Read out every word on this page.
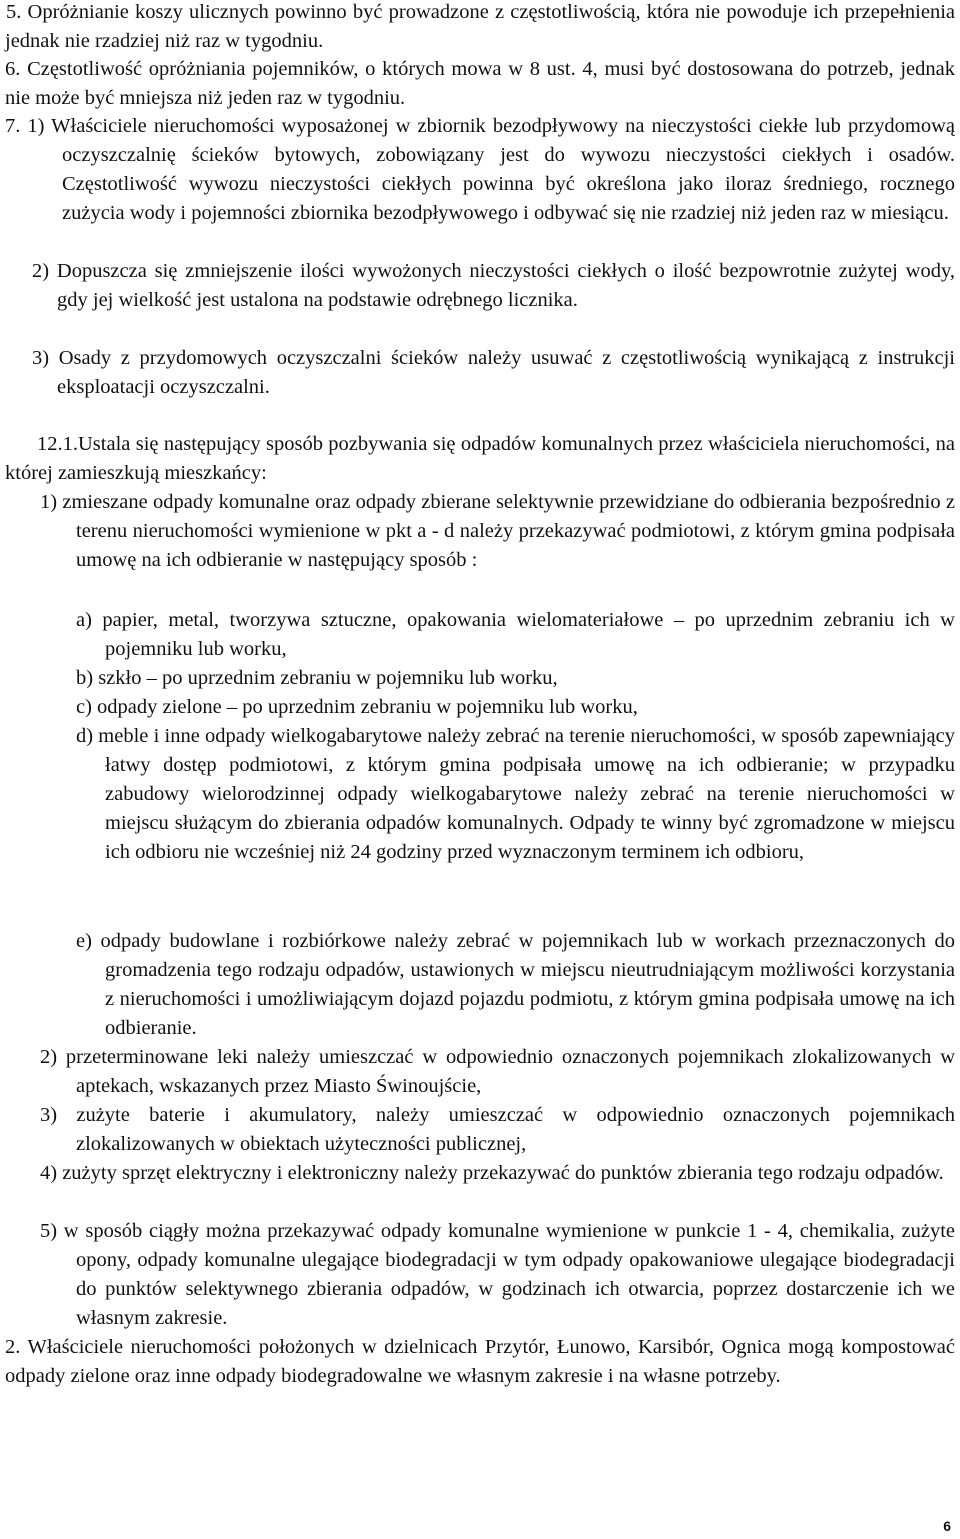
5. Opróżnianie koszy ulicznych powinno być prowadzone z częstotliwością, która nie powoduje ich przepełnienia jednak nie rzadziej niż raz w tygodniu.

6. Częstotliwość opróżniania pojemników, o których mowa w 8 ust. 4, musi być dostosowana do potrzeb, jednak nie może być mniejsza niż jeden raz w tygodniu.

7. 1) Właściciele nieruchomości wyposażonej w zbiornik bezodpływowy na nieczystości ciekłe lub przydomową oczyszczalnię ścieków bytowych, zobowiązany jest do wywozu nieczystości ciekłych i osadów. Częstotliwość wywozu nieczystości ciekłych powinna być określona jako iloraz średniego, rocznego zużycia wody i pojemności zbiornika bezodpływowego i odbywać się nie rzadziej niż jeden raz w miesiącu.

2) Dopuszcza się zmniejszenie ilości wywożonych nieczystości ciekłych o ilość bezpowrotnie zużytej wody, gdy jej wielkość jest ustalona na podstawie odrębnego licznika.

3) Osady z przydomowych oczyszczalni ścieków należy usuwać z częstotliwością wynikającą z instrukcji eksploatacji oczyszczalni.

12.1.Ustala się następujący sposób pozbywania się odpadów komunalnych przez właściciela nieruchomości, na której zamieszkują mieszkańcy:

1) zmieszane odpady komunalne oraz odpady zbierane selektywnie przewidziane do odbierania bezpośrednio z terenu nieruchomości wymienione w pkt a - d należy przekazywać podmiotowi, z którym gmina podpisała umowę na ich odbieranie w następujący sposób :

a) papier, metal, tworzywa sztuczne, opakowania wielomateriałowe – po uprzednim zebraniu ich w pojemniku lub worku,

b) szkło – po uprzednim zebraniu w pojemniku lub worku,

c) odpady zielone – po uprzednim zebraniu w pojemniku lub worku,

d) meble i inne odpady wielkogabarytowe należy zebrać na terenie nieruchomości, w sposób zapewniający łatwy dostęp podmiotowi, z którym gmina podpisała umowę na ich odbieranie; w przypadku zabudowy wielorodzinnej odpady wielkogabarytowe należy zebrać na terenie nieruchomości w miejscu służącym do zbierania odpadów komunalnych. Odpady te winny być zgromadzone w miejscu ich odbioru nie wcześniej niż 24 godziny przed wyznaczonym terminem ich odbioru,

e) odpady budowlane i rozbiórkowe należy zebrać w pojemnikach lub w workach przeznaczonych do gromadzenia tego rodzaju odpadów, ustawionych w miejscu nieutrudniającym możliwości korzystania z nieruchomości i umożliwiającym dojazd pojazdu podmiotu, z którym gmina podpisała umowę na ich odbieranie.

2) przeterminowane leki należy umieszczać w odpowiednio oznaczonych pojemnikach zlokalizowanych w aptekach, wskazanych przez Miasto Świnoujście,

3) zużyte baterie i akumulatory, należy umieszczać w odpowiednio oznaczonych pojemnikach zlokalizowanych w obiektach użyteczności publicznej,

4) zużyty sprzęt elektryczny i elektroniczny należy przekazywać do punktów zbierania tego rodzaju odpadów.

5) w sposób ciągły można przekazywać odpady komunalne wymienione w punkcie 1 - 4, chemikalia, zużyte opony, odpady komunalne ulegające biodegradacji w tym odpady opakowaniowe ulegające biodegradacji do punktów selektywnego zbierania odpadów, w godzinach ich otwarcia, poprzez dostarczenie ich we własnym zakresie.

2. Właściciele nieruchomości położonych w dzielnicach Przytór, Łunowo, Karsibór, Ognica mogą kompostować odpady zielone oraz inne odpady biodegradowalne we własnym zakresie i na własne potrzeby.

6
